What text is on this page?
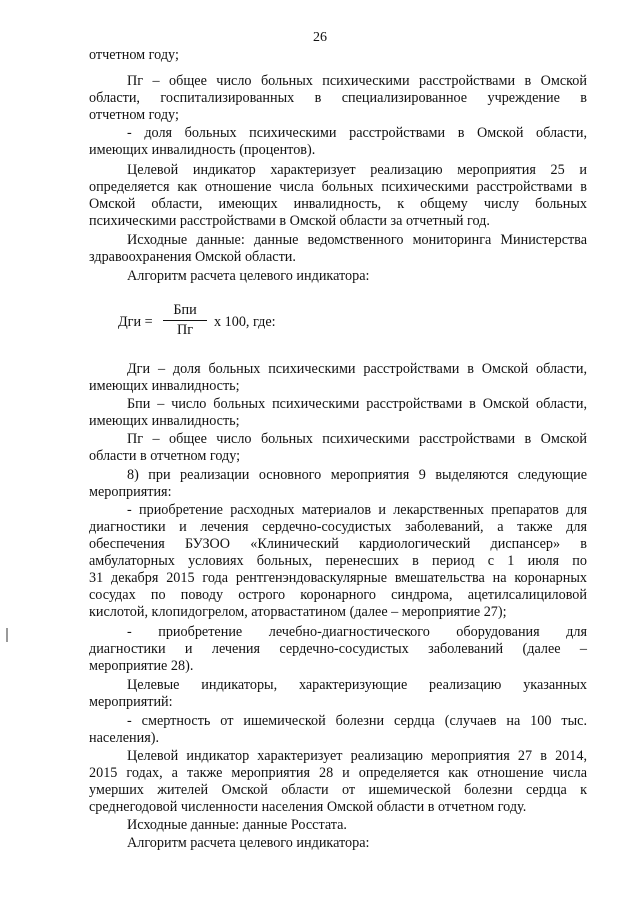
26
отчетном году;
Пг – общее число больных психическими расстройствами в Омской
области, госпитализированных в специализированное учреждение в
отчетном году;
- доля больных психическими расстройствами в Омской области,
имеющих инвалидность (процентов).
Целевой индикатор характеризует реализацию мероприятия 25 и
определяется как отношение числа больных психическими расстройствами в
Омской области, имеющих инвалидность, к общему числу больных
психическими расстройствами в Омской области за отчетный год.
Исходные данные: данные ведомственного мониторинга Министерства
здравоохранения Омской области.
Алгоритм расчета целевого индикатора:
Дги =
Бпи
Пг	x 100, где:
Дги – доля больных психическими расстройствами в Омской области,
имеющих инвалидность;
Бпи – число больных психическими расстройствами в Омской области,
имеющих инвалидность;
Пг – общее число больных психическими расстройствами в Омской
области в отчетном году;
8) при реализации основного мероприятия 9 выделяются следующие
мероприятия:
- приобретение расходных материалов и лекарственных препаратов для
диагностики и лечения сердечно-сосудистых заболеваний, а также для
обеспечения БУЗОО «Клинический кардиологический диспансер» в
амбулаторных условиях больных, перенесших в период с 1 июля по
31 декабря 2015 года рентгенэндоваскулярные вмешательства на коронарных
сосудах по поводу острого коронарного синдрома, ацетилсалициловой
кислотой, клопидогрелом, аторвастатином (далее – мероприятие 27);
- приобретение лечебно-диагностического оборудования для
диагностики и лечения сердечно-сосудистых заболеваний (далее –
мероприятие 28).
Целевые индикаторы, характеризующие реализацию указанных
мероприятий:
- смертность от ишемической болезни сердца (случаев на 100 тыс.
населения).
Целевой индикатор характеризует реализацию мероприятия 27 в 2014,
2015 годах, а также мероприятия 28 и определяется как отношение числа
умерших жителей Омской области от ишемической болезни сердца к
среднегодовой численности населения Омской области в отчетном году.
Исходные данные: данные Росстата.
Алгоритм расчета целевого индикатора:
